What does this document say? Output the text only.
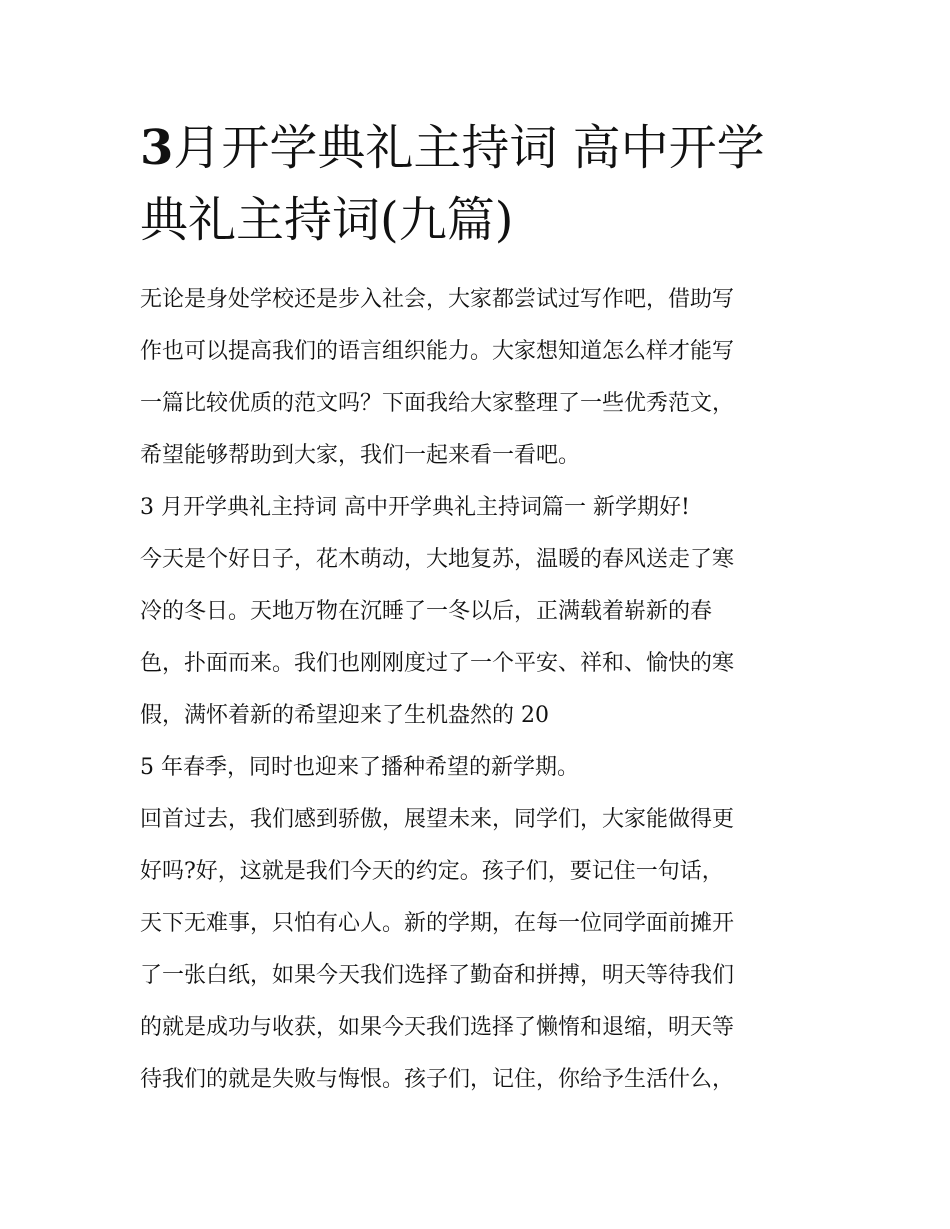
3月开学典礼主持词 高中开学
典礼主持词(九篇)
无论是身处学校还是步入社会，大家都尝试过写作吧，借助写
作也可以提高我们的语言组织能力。大家想知道怎么样才能写
一篇比较优质的范文吗？下面我给大家整理了一些优秀范文，
希望能够帮助到大家，我们一起来看一看吧。
3 月开学典礼主持词 高中开学典礼主持词篇一 新学期好!
今天是个好日子，花木萌动，大地复苏，温暖的春风送走了寒
冷的冬日。天地万物在沉睡了一冬以后，正满载着崭新的春
色，扑面而来。我们也刚刚度过了一个平安、祥和、愉快的寒
假，满怀着新的希望迎来了生机盎然的 20
5 年春季，同时也迎来了播种希望的新学期。
回首过去，我们感到骄傲，展望未来，同学们，大家能做得更
好吗?好，这就是我们今天的约定。孩子们，要记住一句话，
天下无难事，只怕有心人。新的学期，在每一位同学面前摊开
了一张白纸，如果今天我们选择了勤奋和拼搏，明天等待我们
的就是成功与收获，如果今天我们选择了懒惰和退缩，明天等
待我们的就是失败与悔恨。孩子们，记住，你给予生活什么，
